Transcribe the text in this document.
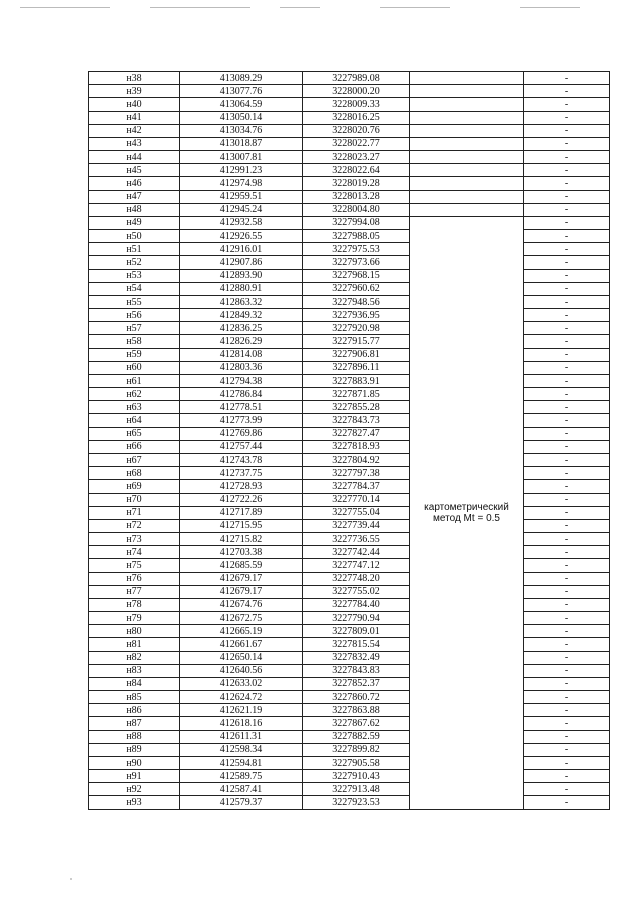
н38	413089.29	3227989.08		-
н39	413077.76	3228000.20		-
н40	413064.59	3228009.33		-
н41	413050.14	3228016.25		-
н42	413034.76	3228020.76		-
н43	413018.87	3228022.77		-
н44	413007.81	3228023.27		-
н45	412991.23	3228022.64		-
н46	412974.98	3228019.28		-
н47	412959.51	3228013.28		-
н48	412945.24	3228004.80		-
н49	412932.58	3227994.08	картометрический метод Mt = 0.5	-
н50	412926.55	3227988.05		-
н51	412916.01	3227975.53		-
н52	412907.86	3227973.66		-
н53	412893.90	3227968.15		-
н54	412880.91	3227960.62		-
н55	412863.32	3227948.56		-
н56	412849.32	3227936.95		-
н57	412836.25	3227920.98		-
н58	412826.29	3227915.77		-
н59	412814.08	3227906.81		-
н60	412803.36	3227896.11		-
н61	412794.38	3227883.91		-
н62	412786.84	3227871.85		-
н63	412778.51	3227855.28		-
н64	412773.99	3227843.73		-
н65	412769.86	3227827.47		-
н66	412757.44	3227818.93		-
н67	412743.78	3227804.92		-
н68	412737.75	3227797.38		-
н69	412728.93	3227784.37		-
н70	412722.26	3227770.14		-
н71	412717.89	3227755.04		-
н72	412715.95	3227739.44		-
н73	412715.82	3227736.55		-
н74	412703.38	3227742.44		-
н75	412685.59	3227747.12		-
н76	412679.17	3227748.20		-
н77	412679.17	3227755.02		-
н78	412674.76	3227784.40		-
н79	412672.75	3227790.94		-
н80	412665.19	3227809.01		-
н81	412661.67	3227815.54		-
н82	412650.14	3227832.49		-
н83	412640.56	3227843.83		-
н84	412633.02	3227852.37		-
н85	412624.72	3227860.72		-
н86	412621.19	3227863.88		-
н87	412618.16	3227867.62		-
н88	412611.31	3227882.59		-
н89	412598.34	3227899.82		-
н90	412594.81	3227905.58		-
н91	412589.75	3227910.43		-
н92	412587.41	3227913.48		-
н93	412579.37	3227923.53		-
